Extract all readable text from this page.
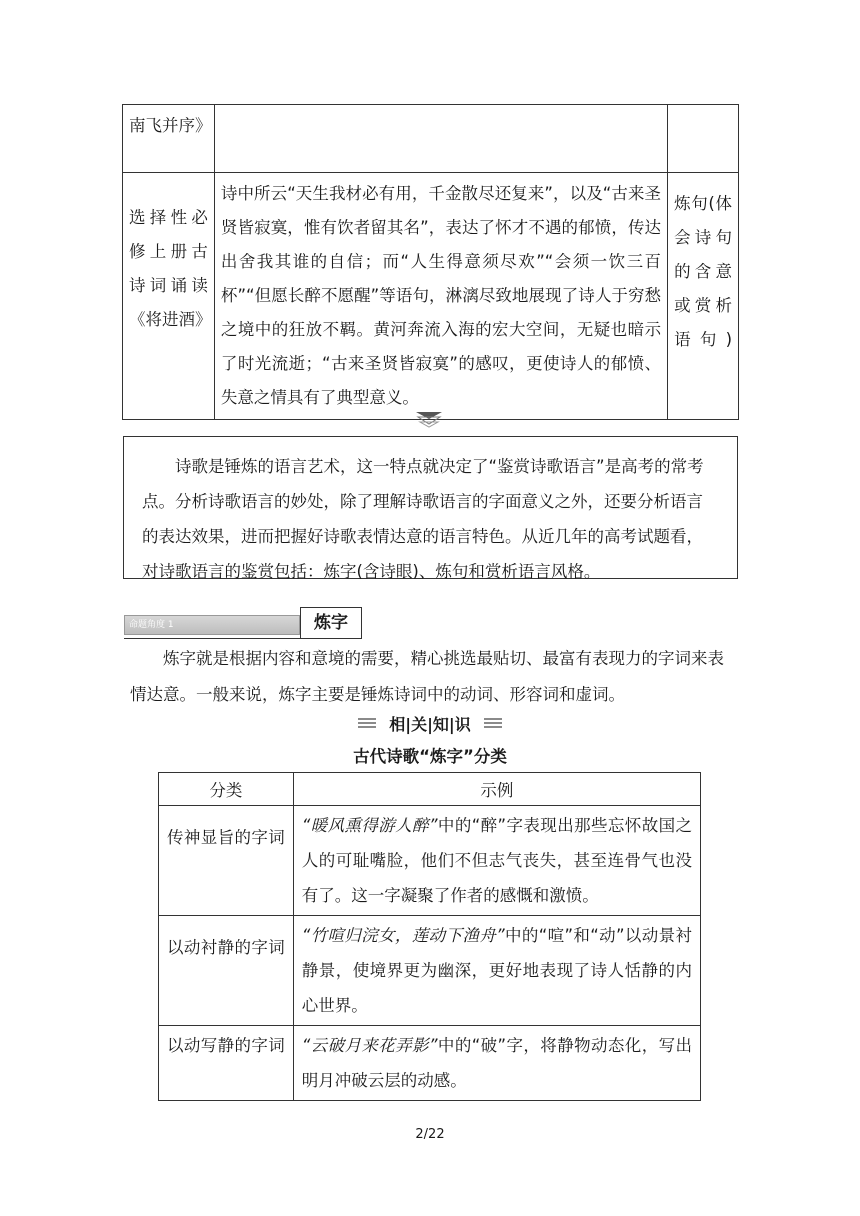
南飞并序》		
选择性必修上册古诗词诵读《将进酒》	诗中所云“天生我材必有用，千金散尽还复来”，以及“古来圣贤皆寂寞，惟有饮者留其名”，表达了怀才不遇的郁愤，传达出舍我其谁的自信；而“人生得意须尽欢”“会须一饮三百杯”“但愿长醉不愿醒”等语句，淋漓尽致地展现了诗人于穷愁之境中的狂放不羁。黄河奔流入海的宏大空间，无疑也暗示了时光流逝；“古来圣贤皆寂寞”的感叹，更使诗人的郁愤、失意之情具有了典型意义。	炼句(体会诗句的含意或赏析语句)
诗歌是锤炼的语言艺术，这一特点就决定了“鉴赏诗歌语言”是高考的常考点。分析诗歌语言的妙处，除了理解诗歌语言的字面意义之外，还要分析语言的表达效果，进而把握好诗歌表情达意的语言特色。从近几年的高考试题看，对诗歌语言的鉴赏包括：炼字(含诗眼)、炼句和赏析语言风格。
命题角度 1	炼字
炼字就是根据内容和意境的需要，精心挑选最贴切、最富有表现力的字词来表情达意。一般来说，炼字主要是锤炼诗词中的动词、形容词和虚词。
相|关|知|识
古代诗歌“炼字”分类
分类	示例
传神显旨的字词	“暖风熏得游人醉”中的“醉”字表现出那些忘怀故国之人的可耻嘴脸，他们不但志气丧失，甚至连骨气也没有了。这一字凝聚了作者的感慨和激愤。
以动衬静的字词	“竹喧归浣女，莲动下渔舟”中的“喧”和“动”以动景衬静景，使境界更为幽深，更好地表现了诗人恬静的内心世界。
以动写静的字词	“云破月来花弄影”中的“破”字，将静物动态化，写出明月冲破云层的动感。
2/22
